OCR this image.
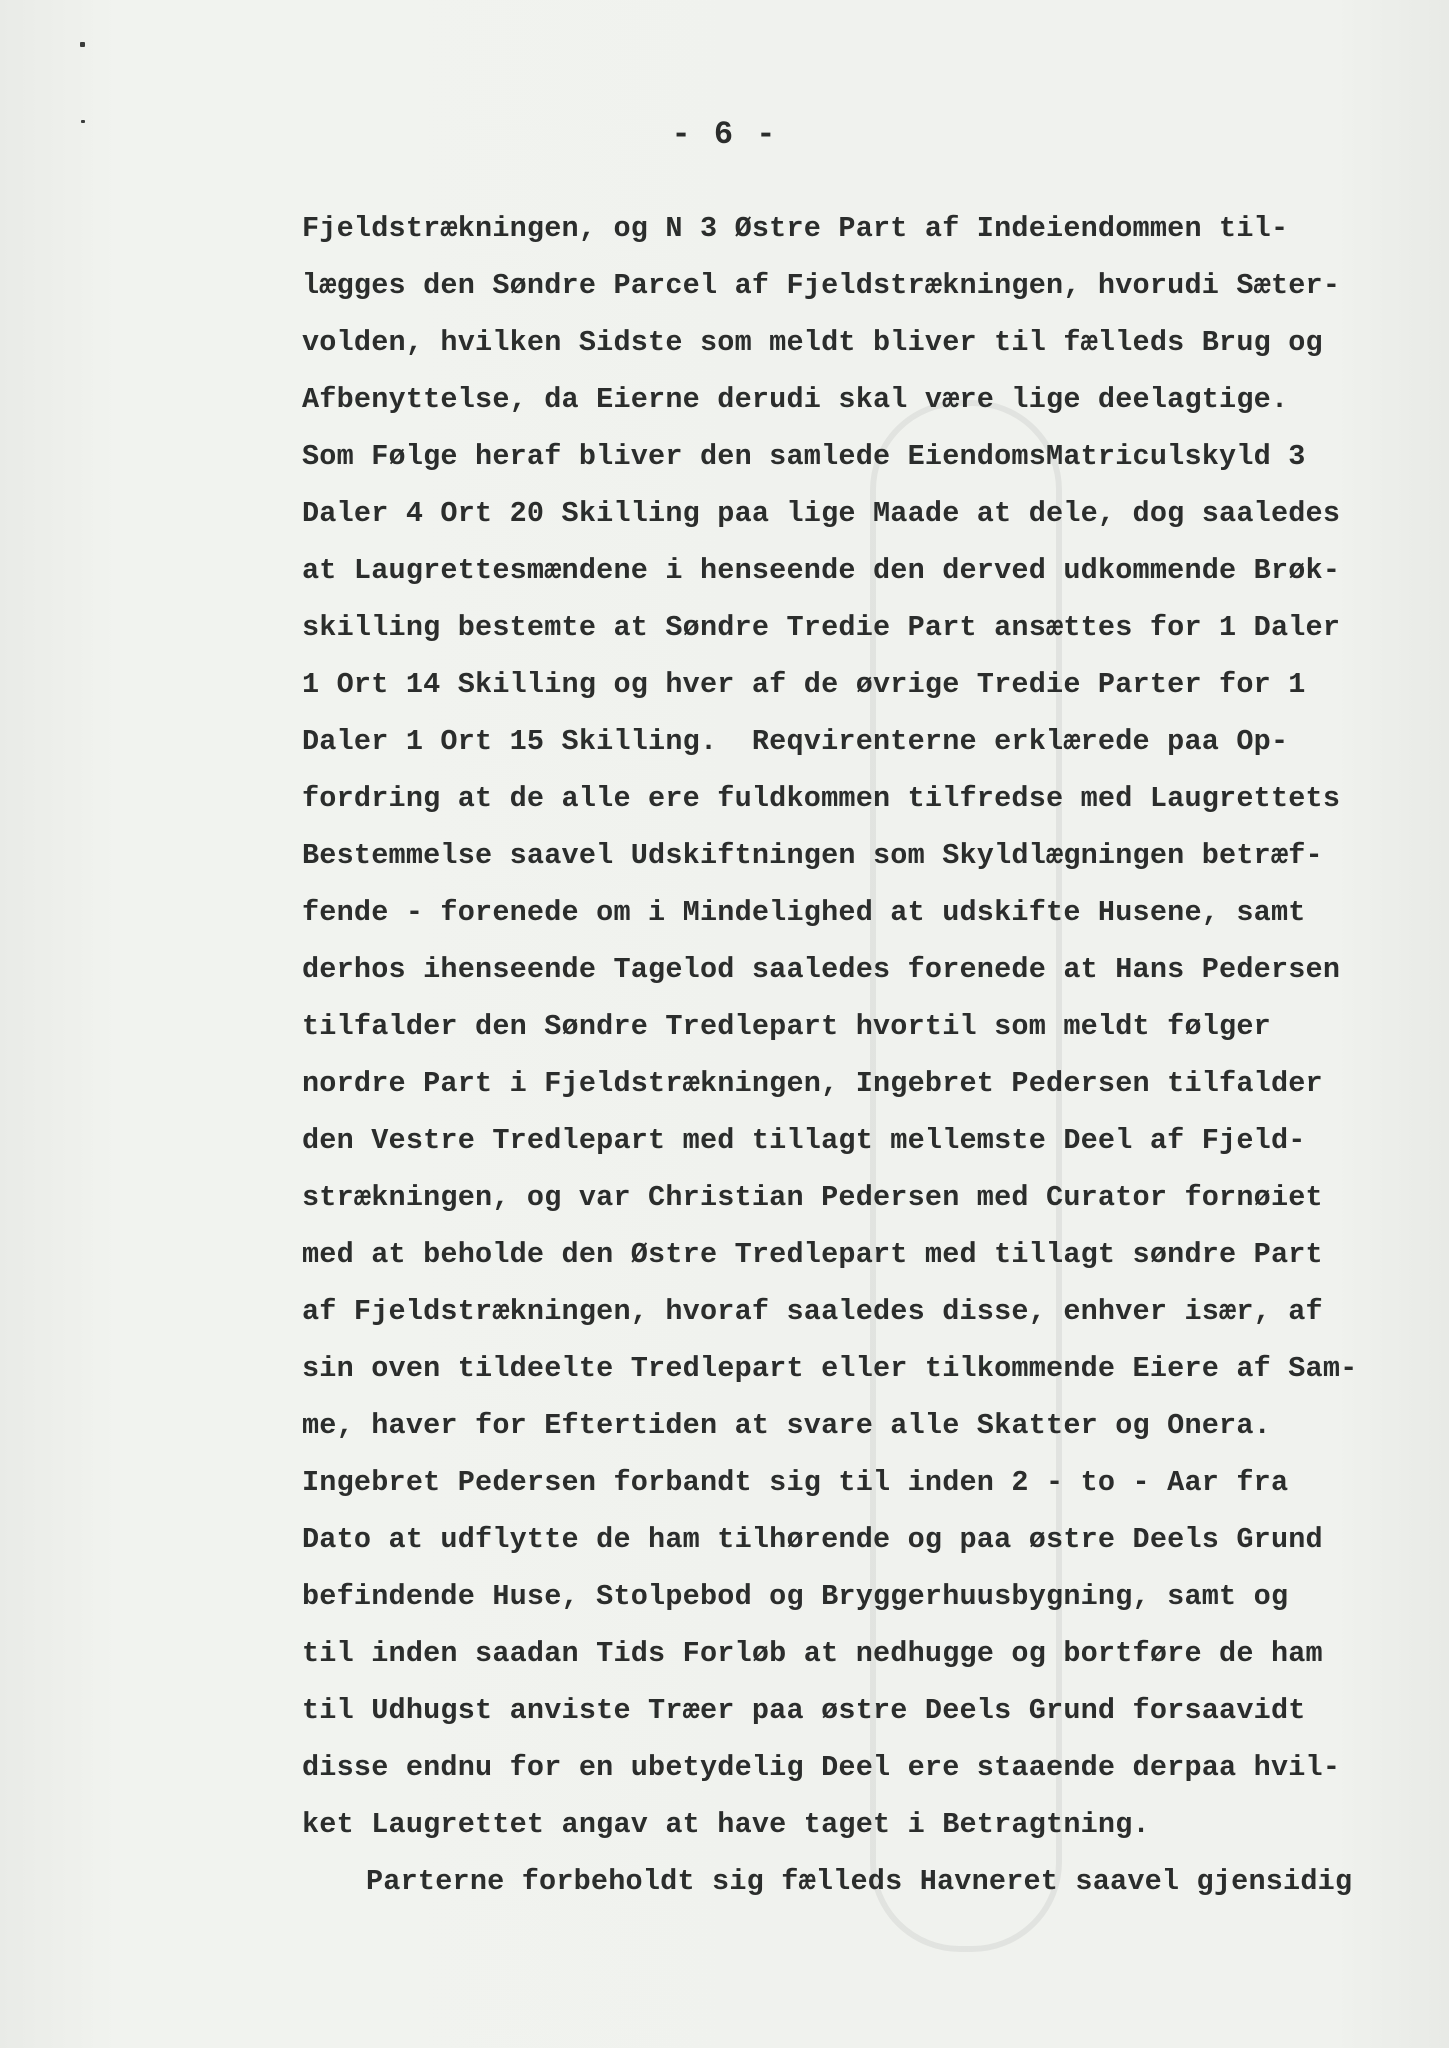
- 6 -
Fjeldstrækningen, og N 3 Østre Part af Indeiendommen til-
lægges den Søndre Parcel af Fjeldstrækningen, hvorudi Sæter-
volden, hvilken Sidste som meldt bliver til fælleds Brug og
Afbenyttelse, da Eierne derudi skal være lige deelagtige.
Som Følge heraf bliver den samlede EiendomsMatriculskyld 3
Daler 4 Ort 20 Skilling paa lige Maade at dele, dog saaledes
at Laugrettesmændene i henseende den derved udkommende Brøk-
skilling bestemte at Søndre Tredie Part ansættes for 1 Daler
1 Ort 14 Skilling og hver af de øvrige Tredie Parter for 1
Daler 1 Ort 15 Skilling.  Reqvirenterne erklærede paa Op-
fordring at de alle ere fuldkommen tilfredse med Laugrettets
Bestemmelse saavel Udskiftningen som Skyldlægningen betræf-
fende - forenede om i Mindelighed at udskifte Husene, samt
derhos ihenseende Tagelod saaledes forenede at Hans Pedersen
tilfalder den Søndre Tredlepart hvortil som meldt følger
nordre Part i Fjeldstrækningen, Ingebret Pedersen tilfalder
den Vestre Tredlepart med tillagt mellemste Deel af Fjeld-
strækningen, og var Christian Pedersen med Curator fornøiet
med at beholde den Østre Tredlepart med tillagt søndre Part
af Fjeldstrækningen, hvoraf saaledes disse, enhver især, af
sin oven tildeelte Tredlepart eller tilkommende Eiere af Sam-
me, haver for Eftertiden at svare alle Skatter og Onera.
Ingebret Pedersen forbandt sig til inden 2 - to - Aar fra
Dato at udflytte de ham tilhørende og paa østre Deels Grund
befindende Huse, Stolpebod og Bryggerhuusbygning, samt og
til inden saadan Tids Forløb at nedhugge og bortføre de ham
til Udhugst anviste Træer paa østre Deels Grund forsaavidt
disse endnu for en ubetydelig Deel ere staaende derpaa hvil-
ket Laugrettet angav at have taget i Betragtning.
Parterne forbeholdt sig fælleds Havneret saavel gjensidig
